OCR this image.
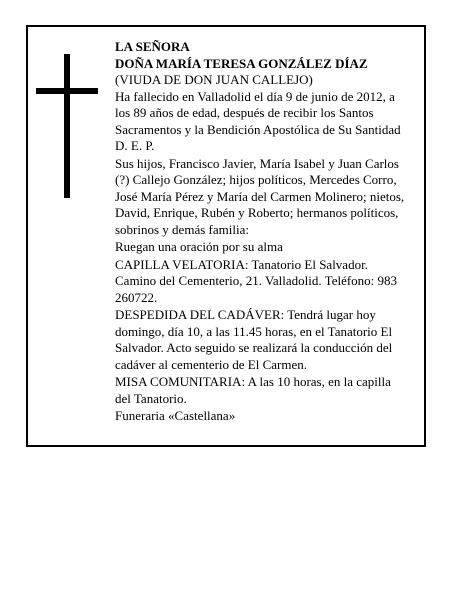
LA SEÑORA
DOÑA MARÍA TERESA GONZÁLEZ DÍAZ
(VIUDA DE DON JUAN CALLEJO)
Ha fallecido en Valladolid el día 9 de junio de 2012, a
los 89 años de edad, después de recibir los Santos
Sacramentos y la Bendición Apostólica de Su Santidad
D. E. P.
Sus hijos, Francisco Javier, María Isabel y Juan Carlos
(?) Callejo González; hijos políticos, Mercedes Corro,
José María Pérez y María del Carmen Molinero; nietos,
David, Enrique, Rubén y Roberto; hermanos políticos,
sobrinos y demás familia:
Ruegan una oración por su alma
CAPILLA VELATORIA: Tanatorio El Salvador.
Camino del Cementerio, 21. Valladolid. Teléfono: 983
260722.
DESPEDIDA DEL CADÁVER: Tendrá lugar hoy
domingo, día 10, a las 11.45 horas, en el Tanatorio El
Salvador. Acto seguido se realizará la conducción del
cadáver al cementerio de El Carmen.
MISA COMUNITARIA: A las 10 horas, en la capilla
del Tanatorio.
Funeraria «Castellana»
